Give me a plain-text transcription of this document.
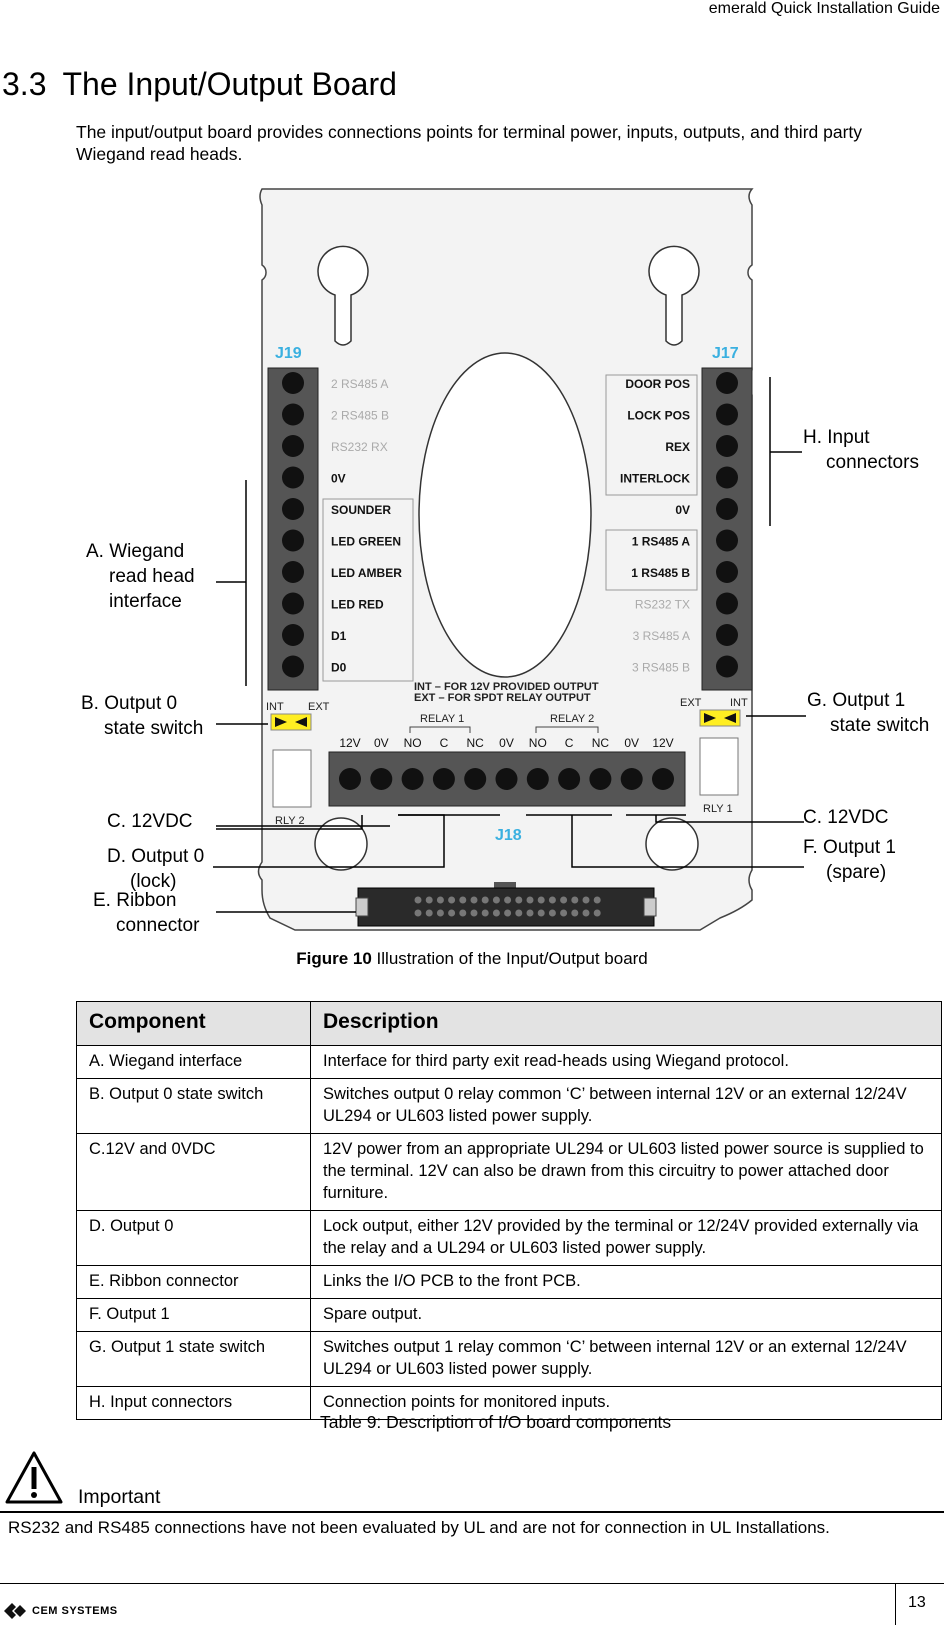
emerald Quick Installation Guide
3.3 The Input/Output Board
The input/output board provides connections points for terminal power, inputs, outputs, and third party Wiegand read heads.
J19
2 RS485 A
2 RS485 B
RS232 RX
0V
SOUNDER
LED GREEN
LED AMBER
LED RED
D1
D0
J17
DOOR POS
LOCK POS
REX
INTERLOCK
0V
1 RS485 A
1 RS485 B
RS232 TX
3 RS485 A
3 RS485 B
INT – FOR 12V PROVIDED OUTPUT
EXT – FOR SPDT RELAY OUTPUT
INT EXT	EXT	INT
RELAY 1	RELAY 2
12V 0V NO C NC 0V NO C NC 0V 12V
RLY 2
RLY 1
J18
A. Wiegand
read head
interface
B. Output 0
state switch
C. 12VDC
D. Output 0
(lock)
E. Ribbon
connector
H. Input
connectors
G. Output 1
state switch
C. 12VDC
F. Output 1
(spare)
Figure 10 Illustration of the Input/Output board
Component	Description
A. Wiegand interface	Interface for third party exit read-heads using Wiegand protocol.
B. Output 0 state switch	Switches output 0 relay common ‘C’ between internal 12V or an external 12/24V UL294 or UL603 listed power supply.
C.12V and 0VDC	12V power from an appropriate UL294 or UL603 listed power source is supplied to the terminal. 12V can also be drawn from this circuitry to power attached door furniture.
D. Output 0	Lock output, either 12V provided by the terminal or 12/24V provided externally via the relay and a UL294 or UL603 listed power supply.
E. Ribbon connector	Links the I/O PCB to the front PCB.
F. Output 1	Spare output.
G. Output 1 state switch	Switches output 1 relay common ‘C’ between internal 12V or an external 12/24V UL294 or UL603 listed power supply.
H. Input connectors	Connection points for monitored inputs.
Table 9: Description of I/O board components
Important
RS232 and RS485 connections have not been evaluated by UL and are not for connection in UL Installations.
13
CEM SYSTEMS
